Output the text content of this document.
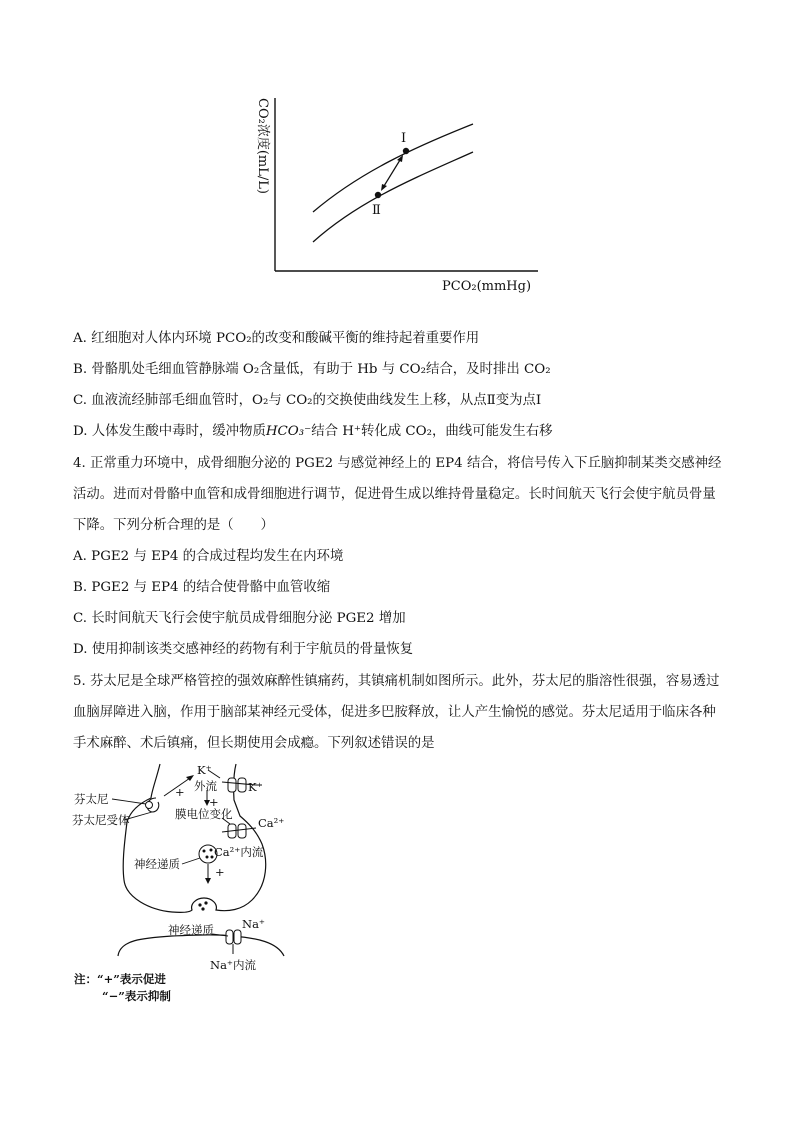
Ⅰ
Ⅱ
CO₂浓度(mL/L)
PCO₂(mmHg)
A. 红细胞对人体内环境 PCO₂的改变和酸碱平衡的维持起着重要作用
B. 骨骼肌处毛细血管静脉端 O₂含量低，有助于 Hb 与 CO₂结合，及时排出 CO₂
C. 血液流经肺部毛细血管时，O₂与 CO₂的交换使曲线发生上移，从点Ⅱ变为点Ⅰ
D. 人体发生酸中毒时，缓冲物质HCO₃⁻结合 H⁺转化成 CO₂，曲线可能发生右移
4. 正常重力环境中，成骨细胞分泌的 PGE2 与感觉神经上的 EP4 结合，将信号传入下丘脑抑制某类交感神经活动。进而对骨骼中血管和成骨细胞进行调节，促进骨生成以维持骨量稳定。长时间航天飞行会使宇航员骨量下降。下列分析合理的是（　　）
A. PGE2 与 EP4 的合成过程均发生在内环境
B. PGE2 与 EP4 的结合使骨骼中血管收缩
C. 长时间航天飞行会使宇航员成骨细胞分泌 PGE2 增加
D. 使用抑制该类交感神经的药物有利于宇航员的骨量恢复
5. 芬太尼是全球严格管控的强效麻醉性镇痛药，其镇痛机制如图所示。此外，芬太尼的脂溶性很强，容易透过血脑屏障进入脑，作用于脑部某神经元受体，促进多巴胺释放，让人产生愉悦的感觉。芬太尼适用于临床各种手术麻醉、术后镇痛，但长期使用会成瘾。下列叙述错误的是
K⁺
K⁺
外流
+
+
膜电位变化
Ca²⁺
Ca²⁺内流
+
芬太尼
芬太尼受体
神经递质
神经递质 Na⁺
Na⁺内流
注：“+”表示促进
“−”表示抑制
